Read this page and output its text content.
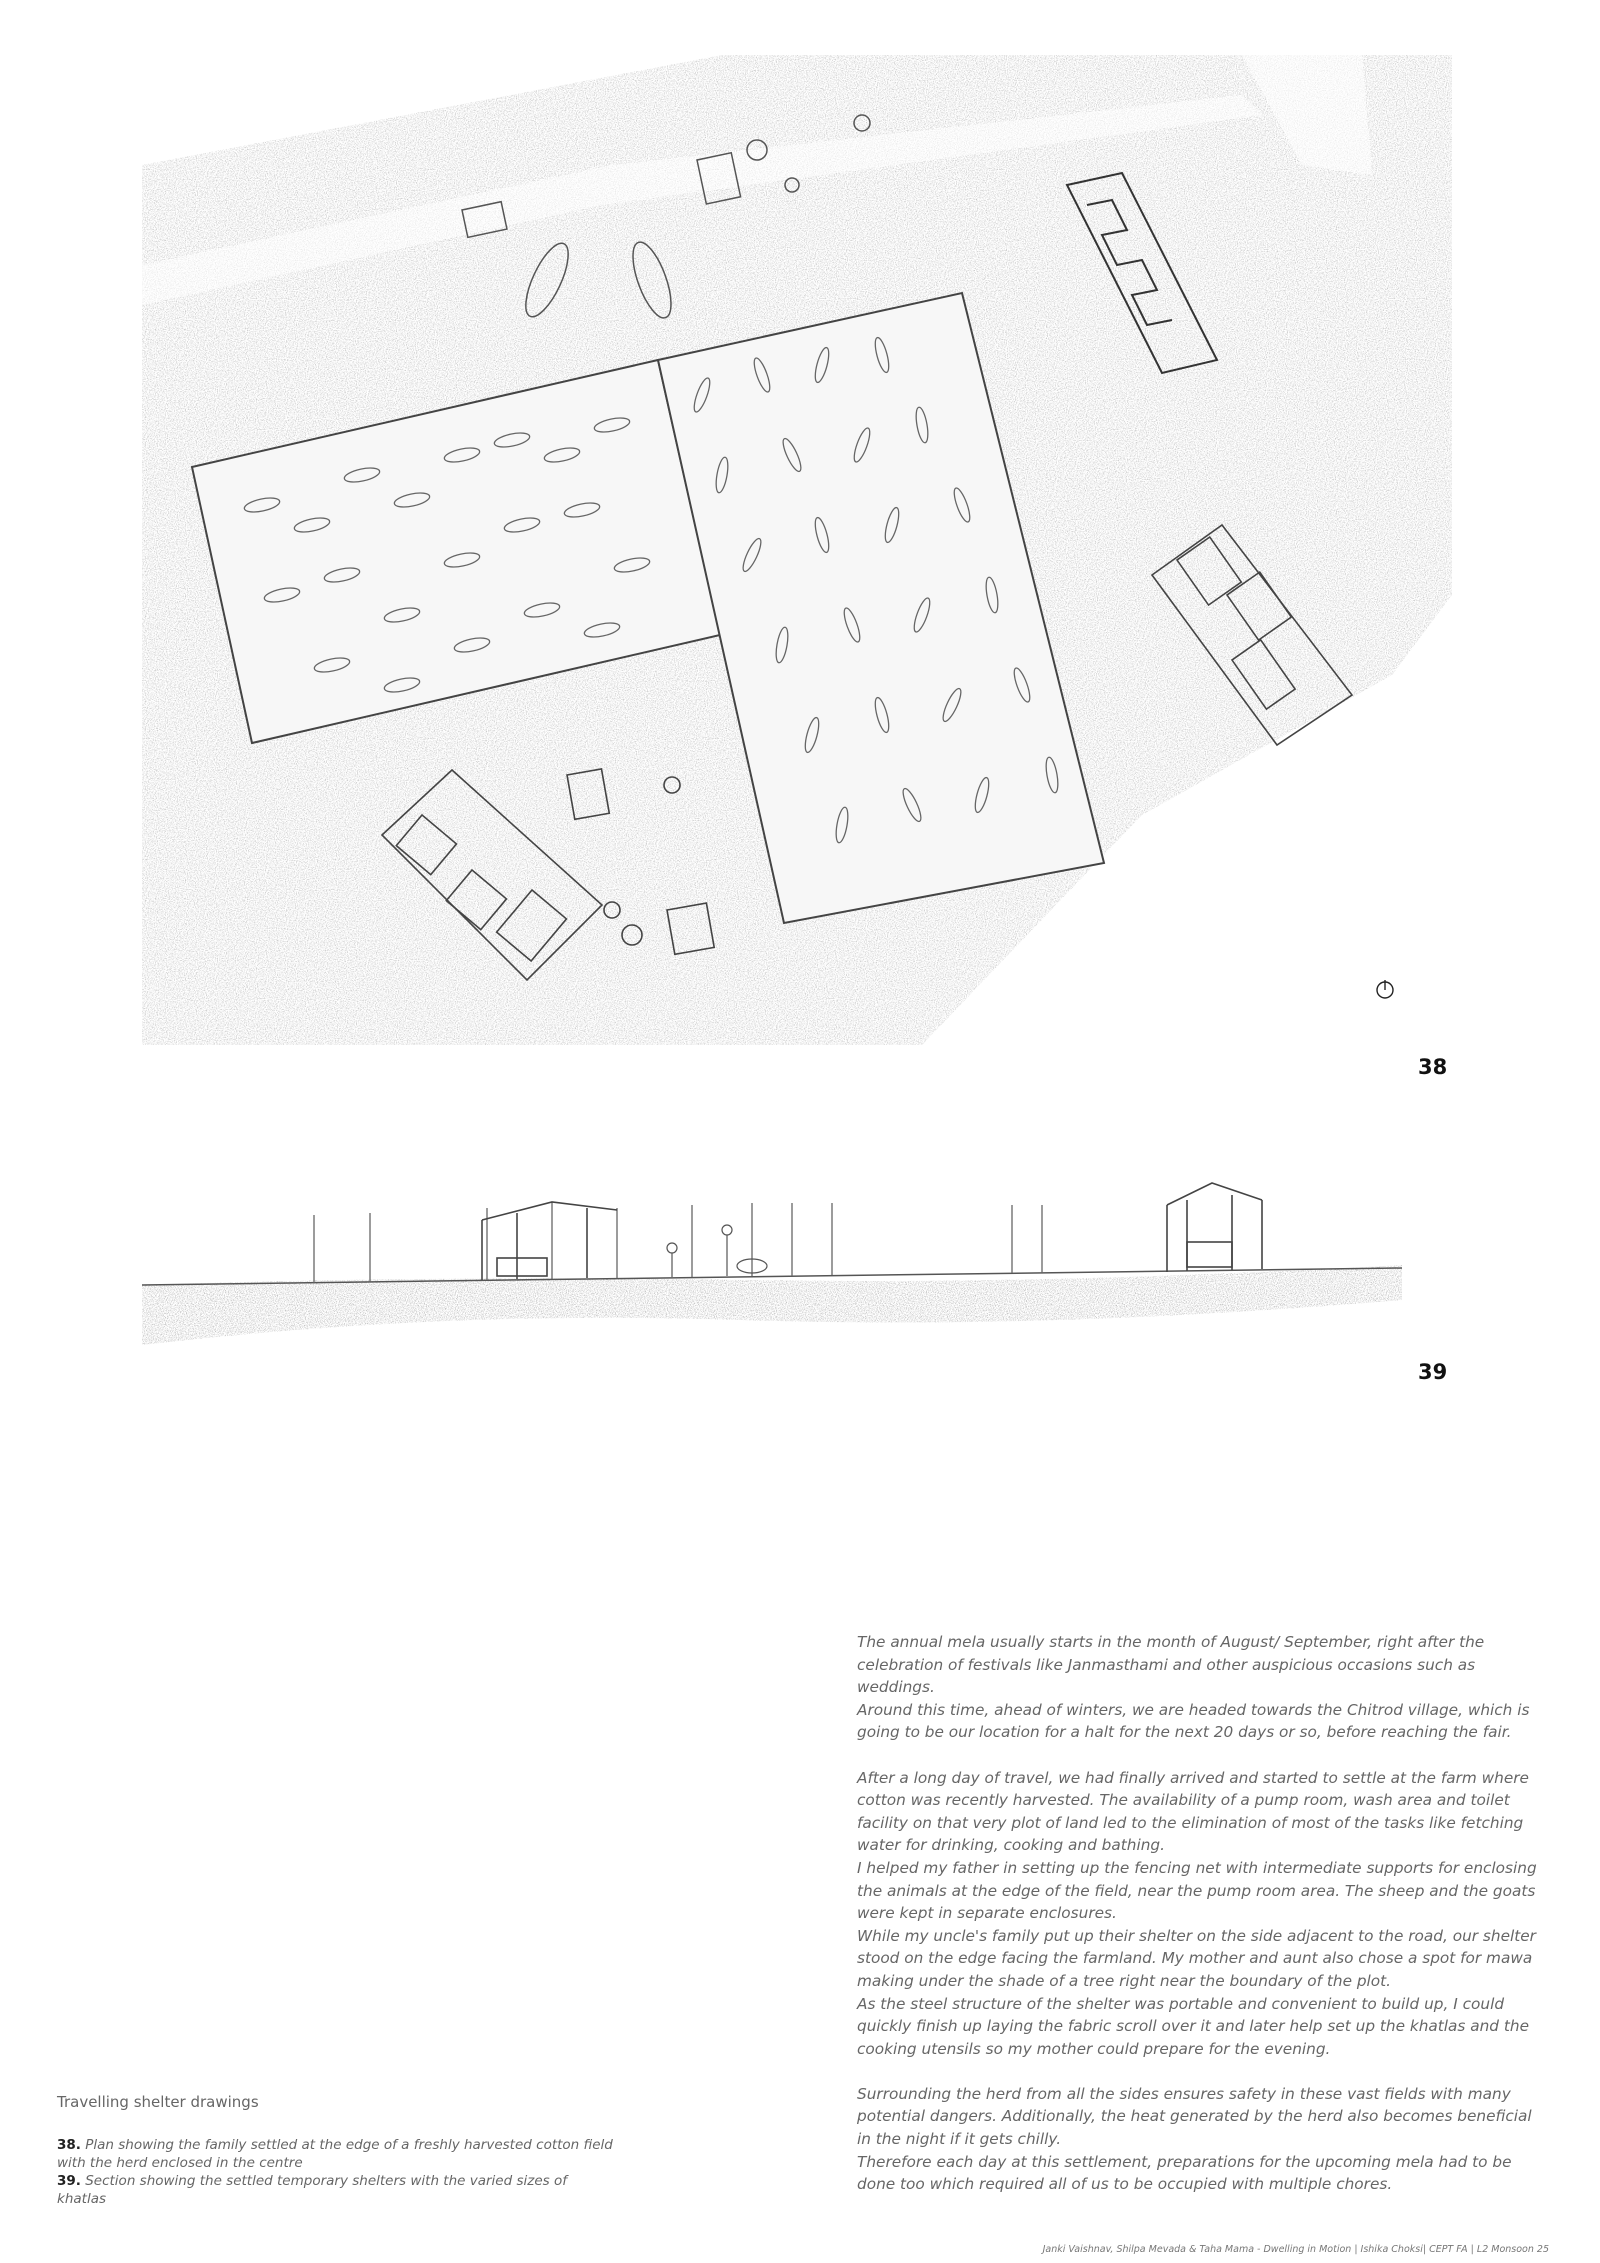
38
39
Travelling shelter drawings
38. Plan showing the family settled at the edge of a freshly harvested cotton field with the herd enclosed in the centre
39. Section showing the settled temporary shelters with the varied sizes of khatlas

The annual mela usually starts in the month of August/ September, right after the celebration of festivals like Janmasthami and other auspicious occasions such as weddings.

Around this time, ahead of winters, we are headed towards the Chitrod village, which is going to be our location for a halt for the next 20 days or so, before reaching the fair.

After a long day of travel, we had finally arrived and started to settle at the farm where cotton was recently harvested. The availability of a pump room, wash area and toilet facility on that very plot of land led to the elimination of most of the tasks like fetching water for drinking, cooking and bathing.

I helped my father in setting up the fencing net with intermediate supports for enclosing the animals at the edge of the field, near the pump room area. The sheep and the goats were kept in separate enclosures.

While my uncle's family put up their shelter on the side adjacent to the road, our shelter stood on the edge facing the farmland. My mother and aunt also chose a spot for mawa making under the shade of a tree right near the boundary of the plot.

As the steel structure of the shelter was portable and convenient to build up, I could quickly finish up laying the fabric scroll over it and later help set up the khatlas and the cooking utensils so my mother could prepare for the evening.

Surrounding the herd from all the sides ensures safety in these vast fields with many potential dangers. Additionally, the heat generated by the herd also becomes beneficial in the night if it gets chilly.

Therefore each day at this settlement, preparations for the upcoming mela had to be done too which required all of us to be occupied with multiple chores.

Janki Vaishnav, Shilpa Mevada & Taha Mama - Dwelling in Motion | Ishika Choksi| CEPT FA | L2 Monsoon 25
